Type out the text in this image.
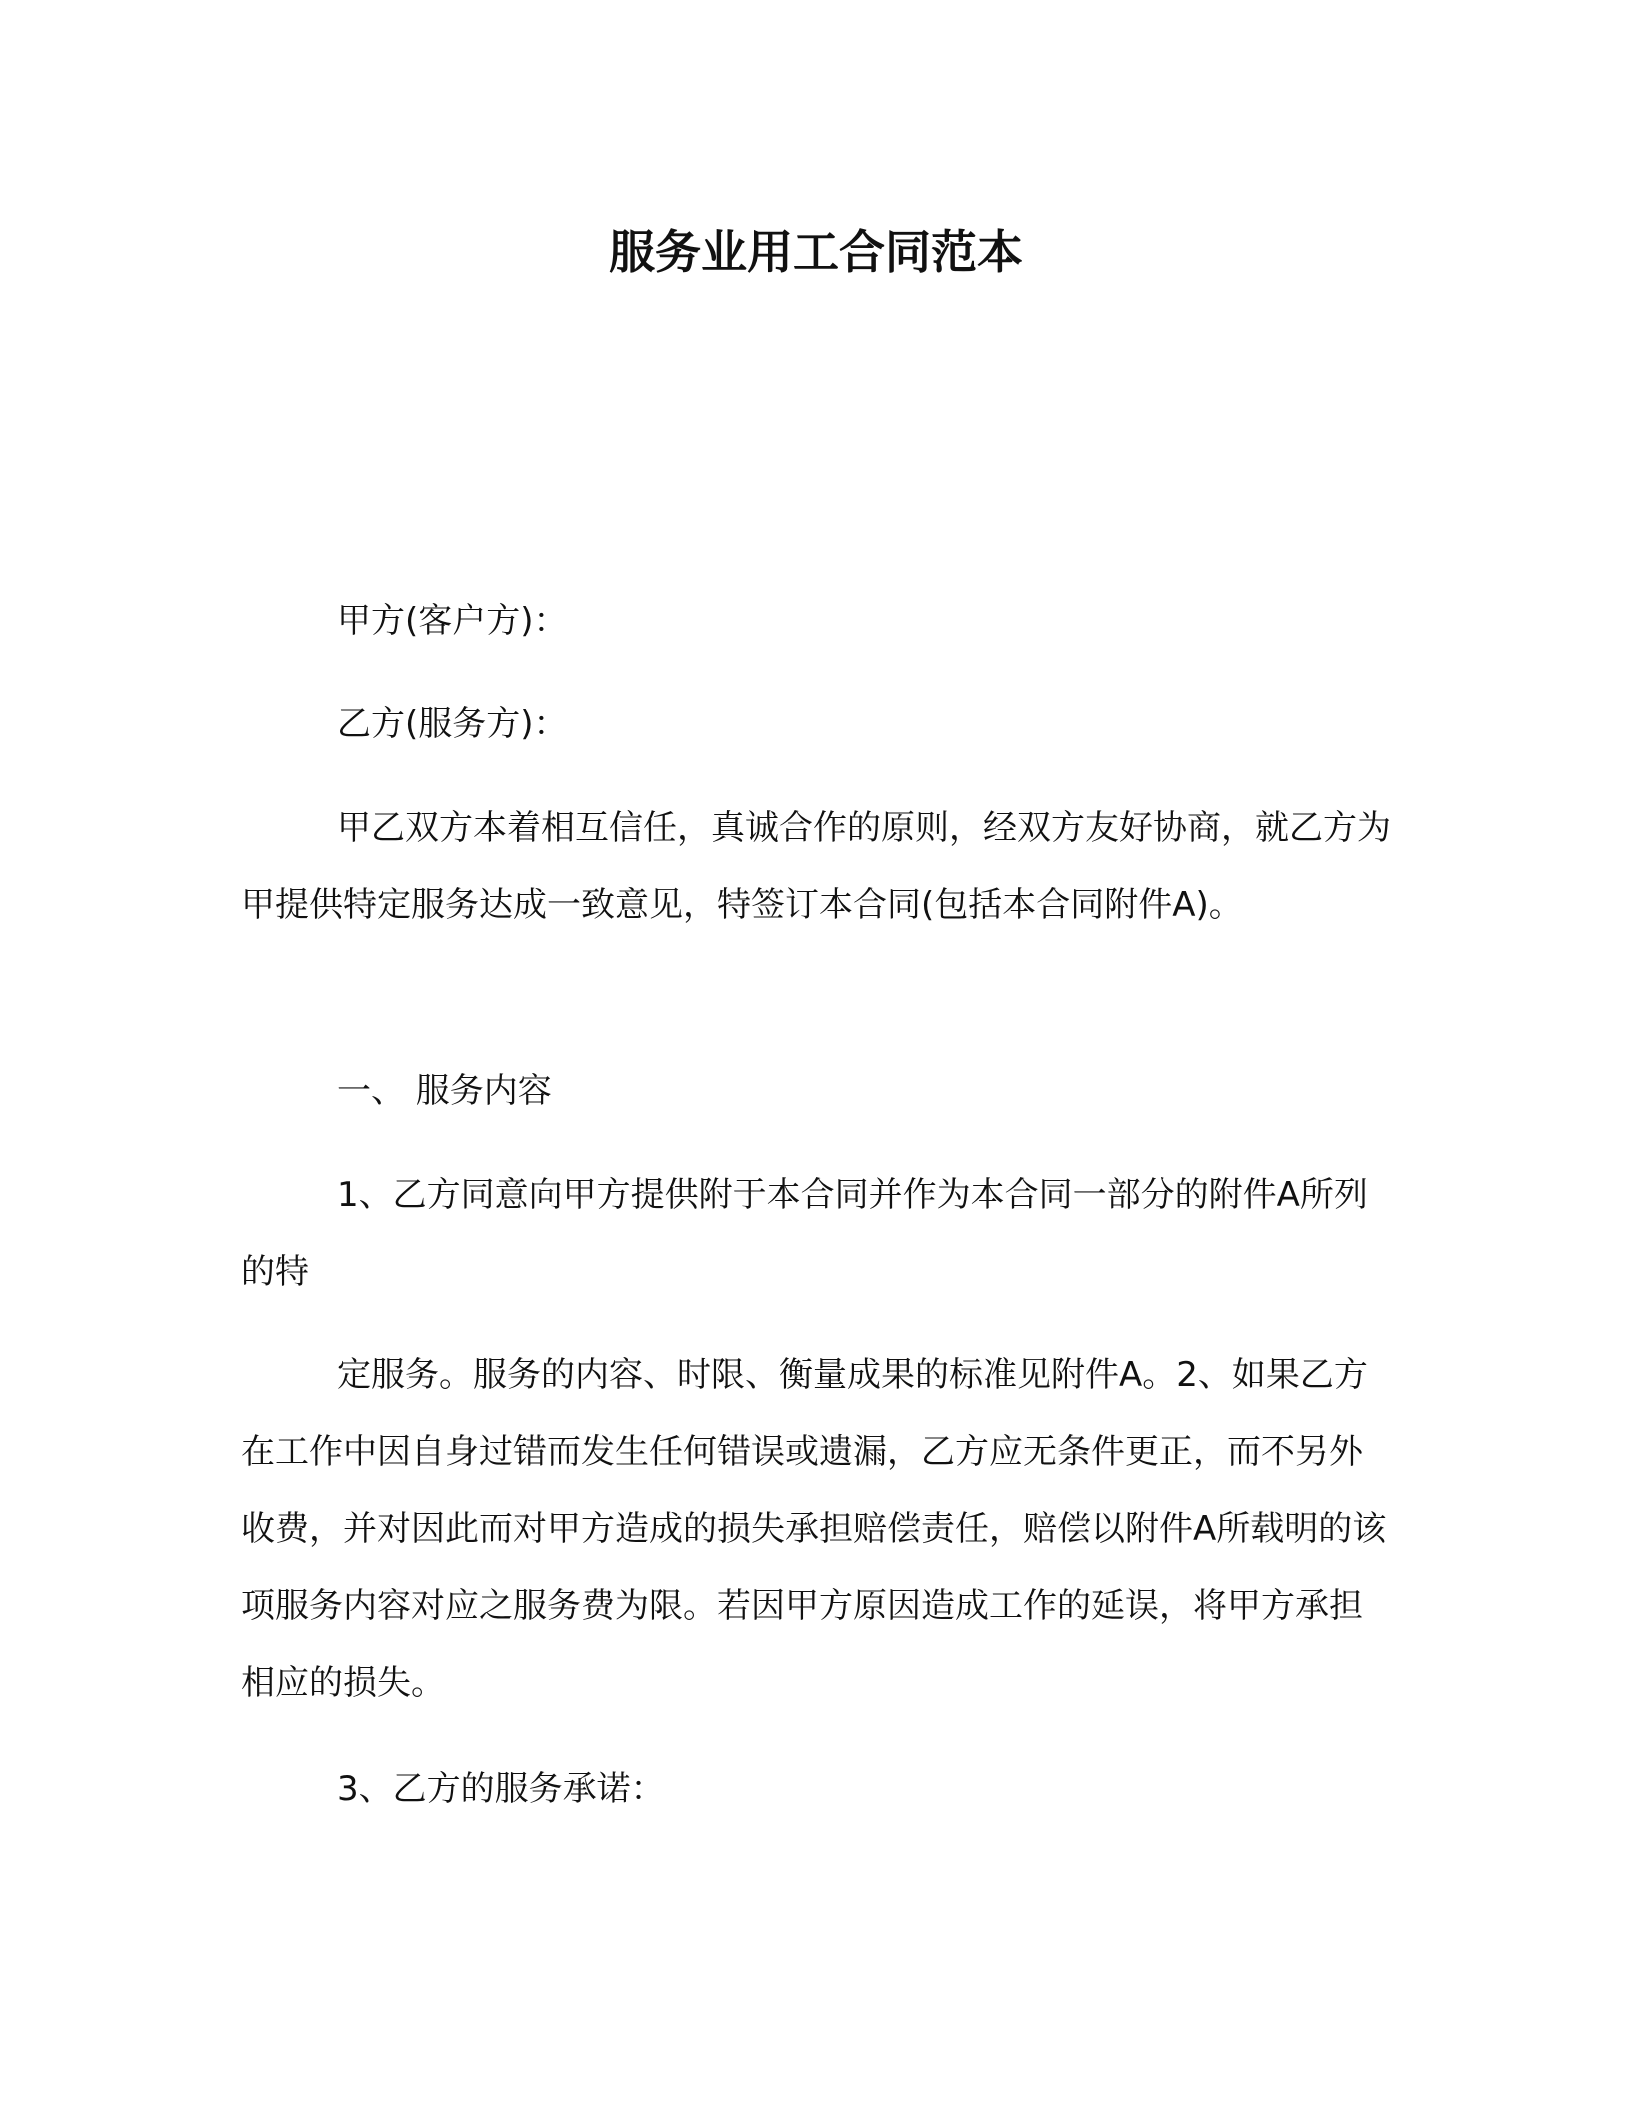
服务业用工合同范本

甲方(客户方)：

乙方(服务方)：

甲乙双方本着相互信任，真诚合作的原则，经双方友好协商，就乙方为甲提供特定服务达成一致意见，特签订本合同(包括本合同附件A)。

一、 服务内容

1、乙方同意向甲方提供附于本合同并作为本合同一部分的附件A所列的特

定服务。服务的内容、时限、衡量成果的标准见附件A。2、如果乙方在工作中因自身过错而发生任何错误或遗漏，乙方应无条件更正，而不另外收费，并对因此而对甲方造成的损失承担赔偿责任，赔偿以附件A所载明的该项服务内容对应之服务费为限。若因甲方原因造成工作的延误，将甲方承担相应的损失。

3、乙方的服务承诺：
